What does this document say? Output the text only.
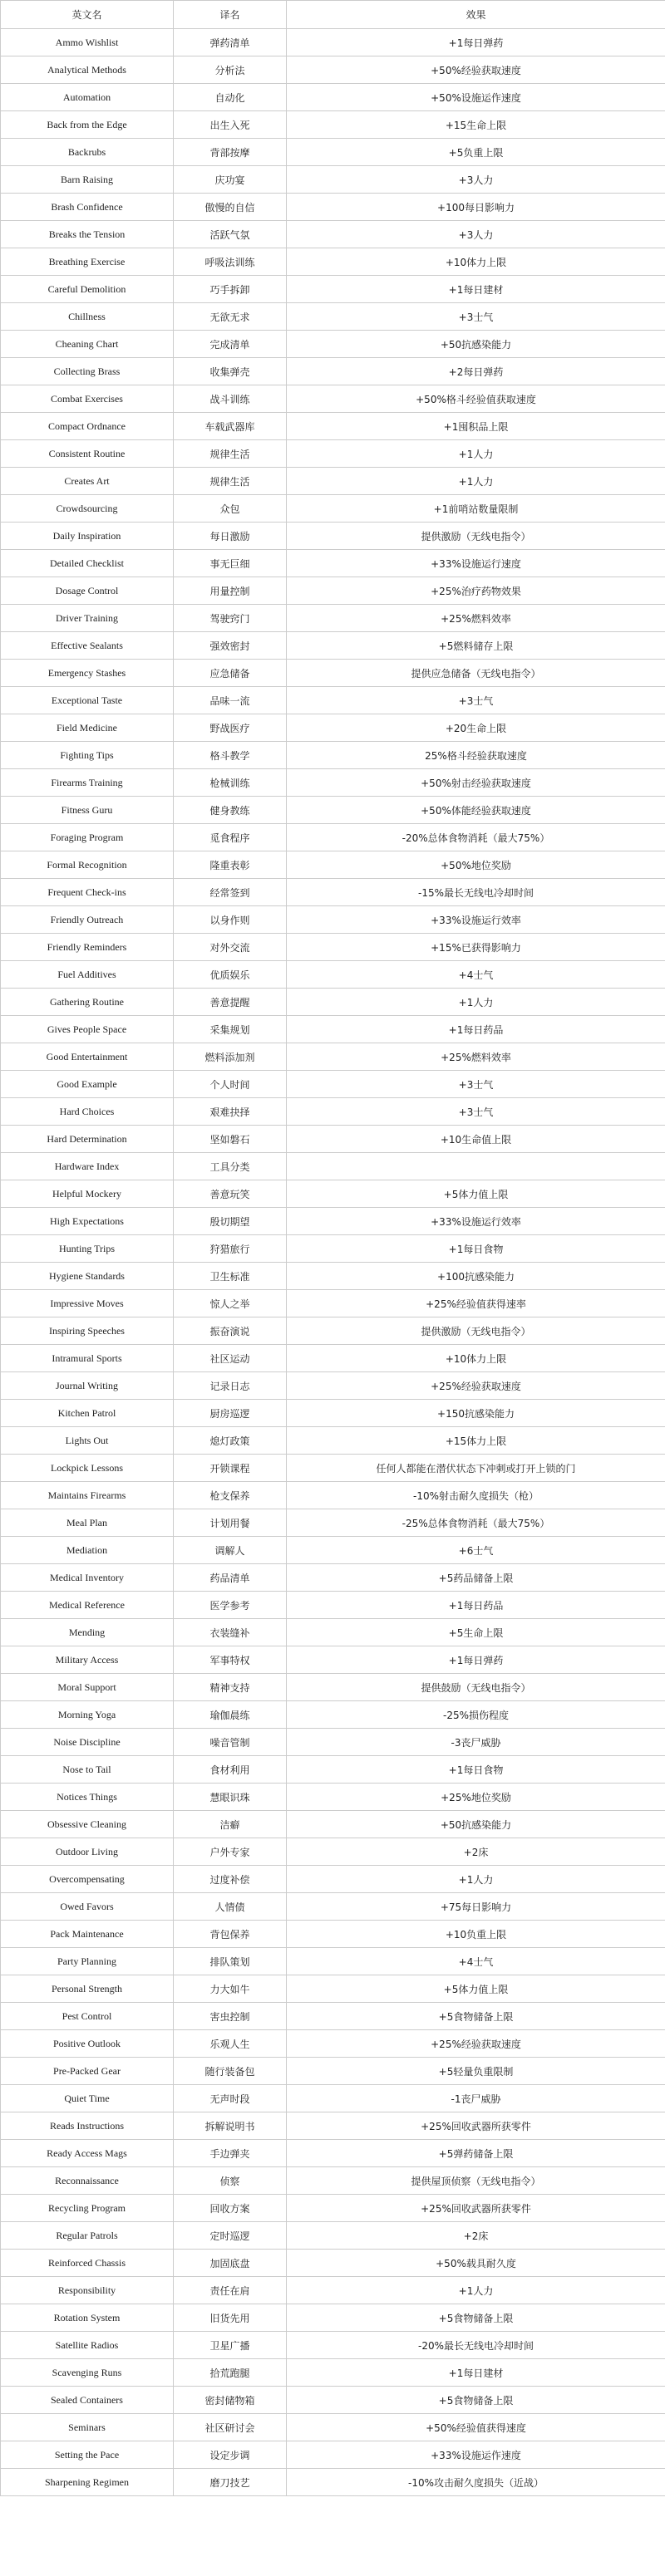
英文名	译名	效果
Ammo Wishlist	弹药清单	+1每日弹药
Analytical Methods	分析法	+50%经验获取速度
Automation	自动化	+50%设施运作速度
Back from the Edge	出生入死	+15生命上限
Backrubs	背部按摩	+5负重上限
Barn Raising	庆功宴	+3人力
Brash Confidence	傲慢的自信	+100每日影响力
Breaks the Tension	活跃气氛	+3人力
Breathing Exercise	呼吸法训练	+10体力上限
Careful Demolition	巧手拆卸	+1每日建材
Chillness	无欲无求	+3士气
Cheaning Chart	完成清单	+50抗感染能力
Collecting Brass	收集弹壳	+2每日弹药
Combat Exercises	战斗训练	+50%格斗经验值获取速度
Compact Ordnance	车载武器库	+1囤积品上限
Consistent Routine	规律生活	+1人力
Creates Art	规律生活	+1人力
Crowdsourcing	众包	+1前哨站数量限制
Daily Inspiration	每日激励	提供激励（无线电指令）
Detailed Checklist	事无巨细	+33%设施运行速度
Dosage Control	用量控制	+25%治疗药物效果
Driver Training	驾驶窍门	+25%燃料效率
Effective Sealants	强效密封	+5燃料储存上限
Emergency Stashes	应急储备	提供应急储备（无线电指令）
Exceptional Taste	品味一流	+3士气
Field Medicine	野战医疗	+20生命上限
Fighting Tips	格斗教学	25%格斗经验获取速度
Firearms Training	枪械训练	+50%射击经验获取速度
Fitness Guru	健身教练	+50%体能经验获取速度
Foraging Program	觅食程序	-20%总体食物消耗（最大75%）
Formal Recognition	隆重表彰	+50%地位奖励
Frequent Check-ins	经常签到	-15%最长无线电冷却时间
Friendly Outreach	以身作则	+33%设施运行效率
Friendly Reminders	对外交流	+15%已获得影响力
Fuel Additives	优质娱乐	+4士气
Gathering Routine	善意提醒	+1人力
Gives People Space	采集规划	+1每日药品
Good Entertainment	燃料添加剂	+25%燃料效率
Good Example	个人时间	+3士气
Hard Choices	艰难抉择	+3士气
Hard Determination	坚如磐石	+10生命值上限
Hardware Index	工具分类	
Helpful Mockery	善意玩笑	+5体力值上限
High Expectations	殷切期望	+33%设施运行效率
Hunting Trips	狩猎旅行	+1每日食物
Hygiene Standards	卫生标准	+100抗感染能力
Impressive Moves	惊人之举	+25%经验值获得速率
Inspiring Speeches	振奋演说	提供激励（无线电指令）
Intramural Sports	社区运动	+10体力上限
Journal Writing	记录日志	+25%经验获取速度
Kitchen Patrol	厨房巡逻	+150抗感染能力
Lights Out	熄灯政策	+15体力上限
Lockpick Lessons	开锁课程	任何人都能在潜伏状态下冲刺或打开上锁的门
Maintains Firearms	枪支保养	-10%射击耐久度损失（枪）
Meal Plan	计划用餐	-25%总体食物消耗（最大75%）
Mediation	调解人	+6士气
Medical Inventory	药品清单	+5药品储备上限
Medical Reference	医学参考	+1每日药品
Mending	衣装缝补	+5生命上限
Military Access	军事特权	+1每日弹药
Moral Support	精神支持	提供鼓励（无线电指令）
Morning Yoga	瑜伽晨练	-25%损伤程度
Noise Discipline	噪音管制	-3丧尸威胁
Nose to Tail	食材利用	+1每日食物
Notices Things	慧眼识珠	+25%地位奖励
Obsessive Cleaning	洁癖	+50抗感染能力
Outdoor Living	户外专家	+2床
Overcompensating	过度补偿	+1人力
Owed Favors	人情债	+75每日影响力
Pack Maintenance	背包保养	+10负重上限
Party Planning	排队策划	+4士气
Personal Strength	力大如牛	+5体力值上限
Pest Control	害虫控制	+5食物储备上限
Positive Outlook	乐观人生	+25%经验获取速度
Pre-Packed Gear	随行装备包	+5轻量负重限制
Quiet Time	无声时段	-1丧尸威胁
Reads Instructions	拆解说明书	+25%回收武器所获零件
Ready Access Mags	手边弹夹	+5弹药储备上限
Reconnaissance	侦察	提供屋顶侦察（无线电指令）
Recycling Program	回收方案	+25%回收武器所获零件
Regular Patrols	定时巡逻	+2床
Reinforced Chassis	加固底盘	+50%载具耐久度
Responsibility	责任在肩	+1人力
Rotation System	旧货先用	+5食物储备上限
Satellite Radios	卫星广播	-20%最长无线电冷却时间
Scavenging Runs	拾荒跑腿	+1每日建材
Sealed Containers	密封储物箱	+5食物储备上限
Seminars	社区研讨会	+50%经验值获得速度
Setting the Pace	设定步调	+33%设施运作速度
Sharpening Regimen	磨刀技艺	-10%攻击耐久度损失（近战）
